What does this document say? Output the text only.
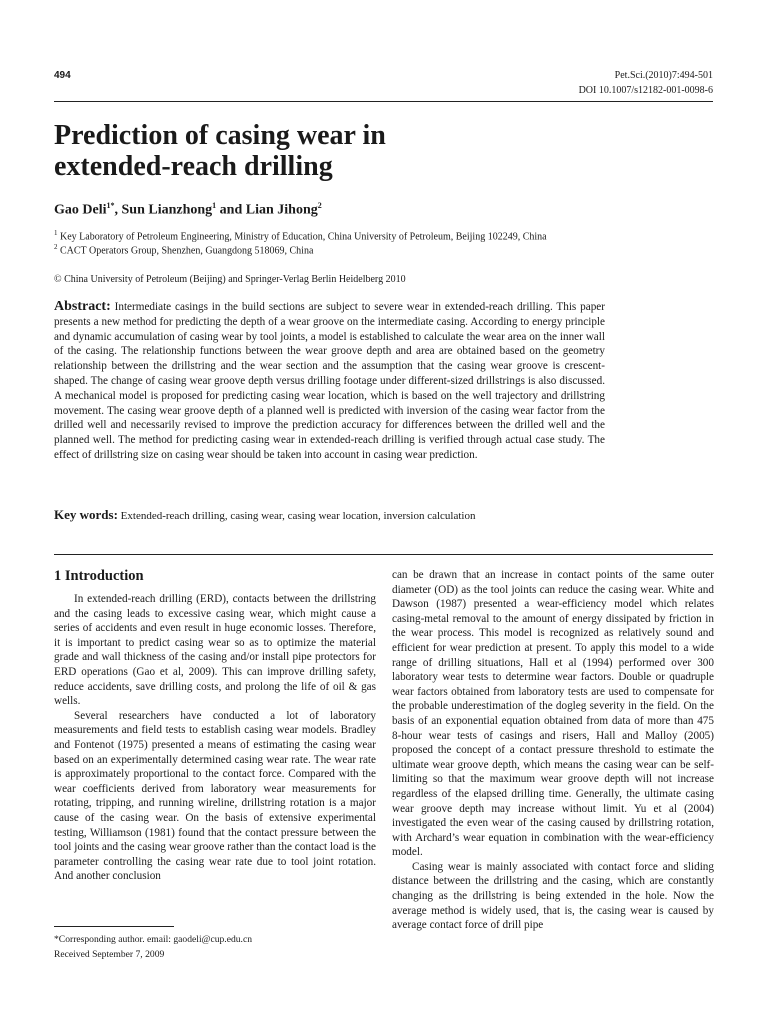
494	Pet.Sci.(2010)7:494-501
DOI 10.1007/s12182-001-0098-6
Prediction of casing wear in
extended-reach drilling
Gao Deli$^{1*}$, Sun Lianzhong$^1$ and Lian Jihong$^2$
$^1$ Key Laboratory of Petroleum Engineering, Ministry of Education, China University of Petroleum, Beijing 102249, China
$^2$ CACT Operators Group, Shenzhen, Guangdong 518069, China
© China University of Petroleum (Beijing) and Springer-Verlag Berlin Heidelberg 2010
Abstract: Intermediate casings in the build sections are subject to severe wear in extended-reach drilling. This paper presents a new method for predicting the depth of a wear groove on the intermediate casing. According to energy principle and dynamic accumulation of casing wear by tool joints, a model is established to calculate the wear area on the inner wall of the casing. The relationship functions between the wear groove depth and area are obtained based on the geometry relationship between the drillstring and the wear section and the assumption that the casing wear groove is crescent-shaped. The change of casing wear groove depth versus drilling footage under different-sized drillstrings is also discussed. A mechanical model is proposed for predicting casing wear location, which is based on the well trajectory and drillstring movement. The casing wear groove depth of a planned well is predicted with inversion of the casing wear factor from the drilled well and necessarily revised to improve the prediction accuracy for differences between the drilled well and the planned well. The method for predicting casing wear in extended-reach drilling is verified through actual case study. The effect of drillstring size on casing wear should be taken into account in casing wear prediction.
Key words: Extended-reach drilling, casing wear, casing wear location, inversion calculation
1 Introduction

In extended-reach drilling (ERD), contacts between the drillstring and the casing leads to excessive casing wear, which might cause a series of accidents and even result in huge economic losses. Therefore, it is important to predict casing wear so as to optimize the material grade and wall thickness of the casing and/or install pipe protectors for ERD operations (Gao et al, 2009). This can improve drilling safety, reduce accidents, save drilling costs, and prolong the life of oil & gas wells.

Several researchers have conducted a lot of laboratory measurements and field tests to establish casing wear models. Bradley and Fontenot (1975) presented a means of estimating the casing wear based on an experimentally determined casing wear rate. The wear rate is approximately proportional to the contact force. Compared with the wear coefficients derived from laboratory wear measurements for rotating, tripping, and running wireline, drillstring rotation is a major cause of the casing wear. On the basis of extensive experimental testing, Williamson (1981) found that the contact pressure between the tool joints and the casing wear groove rather than the contact load is the parameter controlling the casing wear rate due to tool joint rotation. And another conclusion

can be drawn that an increase in contact points of the same outer diameter (OD) as the tool joints can reduce the casing wear. White and Dawson (1987) presented a wear-efficiency model which relates casing-metal removal to the amount of energy dissipated by friction in the wear process. This model is recognized as relatively sound and efficient for wear prediction at present. To apply this model to a wide range of drilling situations, Hall et al (1994) performed over 300 laboratory wear tests to determine wear factors. Double or quadruple wear factors obtained from laboratory tests are used to compensate for the probable underestimation of the dogleg severity in the field. On the basis of an exponential equation obtained from data of more than 475 8-hour wear tests of casings and risers, Hall and Malloy (2005) proposed the concept of a contact pressure threshold to estimate the ultimate wear groove depth, which means the casing wear can be self-limiting so that the maximum wear groove depth will not increase regardless of the elapsed drilling time. Generally, the ultimate casing wear groove depth may increase without limit. Yu et al (2004) investigated the even wear of the casing caused by drillstring rotation, with Archard’s wear equation in combination with the wear-efficiency model.

Casing wear is mainly associated with contact force and sliding distance between the drillstring and the casing, which are constantly changing as the drillstring is being extended in the hole. Now the average method is widely used, that is, the casing wear is caused by average contact force of drill pipe

*Corresponding author. email: gaodeli@cup.edu.cn
Received September 7, 2009
